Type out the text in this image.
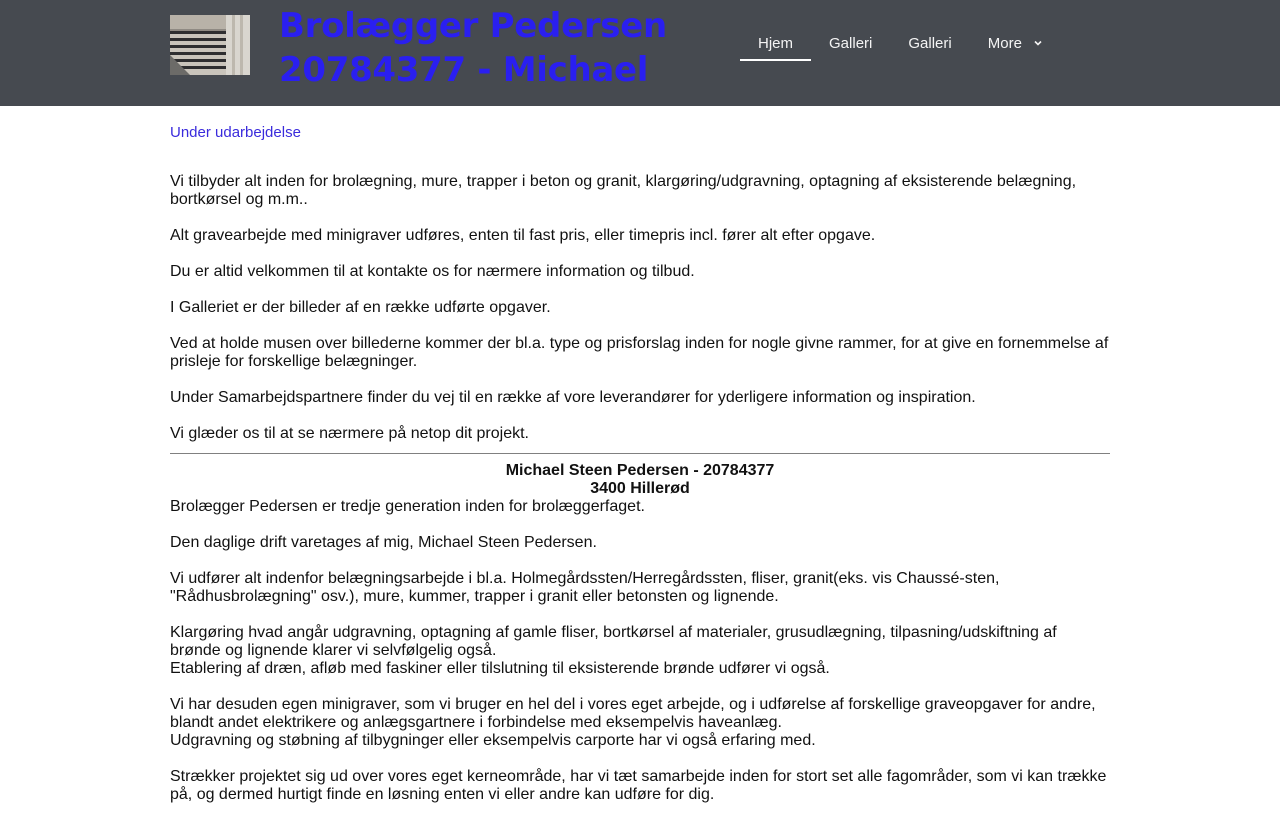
Brolægger Pedersen
20784377 - Michael
Hjem	Galleri	Galleri	More
Under udarbejdelse

Vi tilbyder alt inden for brolægning, mure, trapper i beton og granit, klargøring/udgravning, optagning af eksisterende belægning, bortkørsel og m.m..

Alt gravearbejde med minigraver udføres, enten til fast pris, eller timepris incl. fører alt efter opgave.

Du er altid velkommen til at kontakte os for nærmere information og tilbud.

I Galleriet er der billeder af en række udførte opgaver.

Ved at holde musen over billederne kommer der bl.a. type og prisforslag inden for nogle givne rammer, for at give en fornemmelse af prisleje for forskellige belægninger.

Under Samarbejdspartnere finder du vej til en række af vore leverandører for yderligere information og inspiration.

Vi glæder os til at se nærmere på netop dit projekt.

Michael Steen Pedersen - 20784377

3400 Hillerød

Brolægger Pedersen er tredje generation inden for brolæggerfaget.

Den daglige drift varetages af mig, Michael Steen Pedersen.

Vi udfører alt indenfor belægningsarbejde i bl.a. Holmegårdssten/Herregårdssten, fliser, granit(eks. vis Chaussé-sten, "Rådhusbrolægning" osv.), mure, kummer, trapper i granit eller betonsten og lignende.

Klargøring hvad angår udgravning, optagning af gamle fliser, bortkørsel af materialer, grusudlægning, tilpasning/udskiftning af brønde og lignende klarer vi selvfølgelig også.

Etablering af dræn, afløb med faskiner eller tilslutning til eksisterende brønde udfører vi også.

Vi har desuden egen minigraver, som vi bruger en hel del i vores eget arbejde, og i udførelse af forskellige graveopgaver for andre, blandt andet elektrikere og anlægsgartnere i forbindelse med eksempelvis haveanlæg.

Udgravning og støbning af tilbygninger eller eksempelvis carporte har vi også erfaring med.

Strækker projektet sig ud over vores eget kerneområde, har vi tæt samarbejde inden for stort set alle fagområder, som vi kan trække på, og dermed hurtigt finde en løsning enten vi eller andre kan udføre for dig.
